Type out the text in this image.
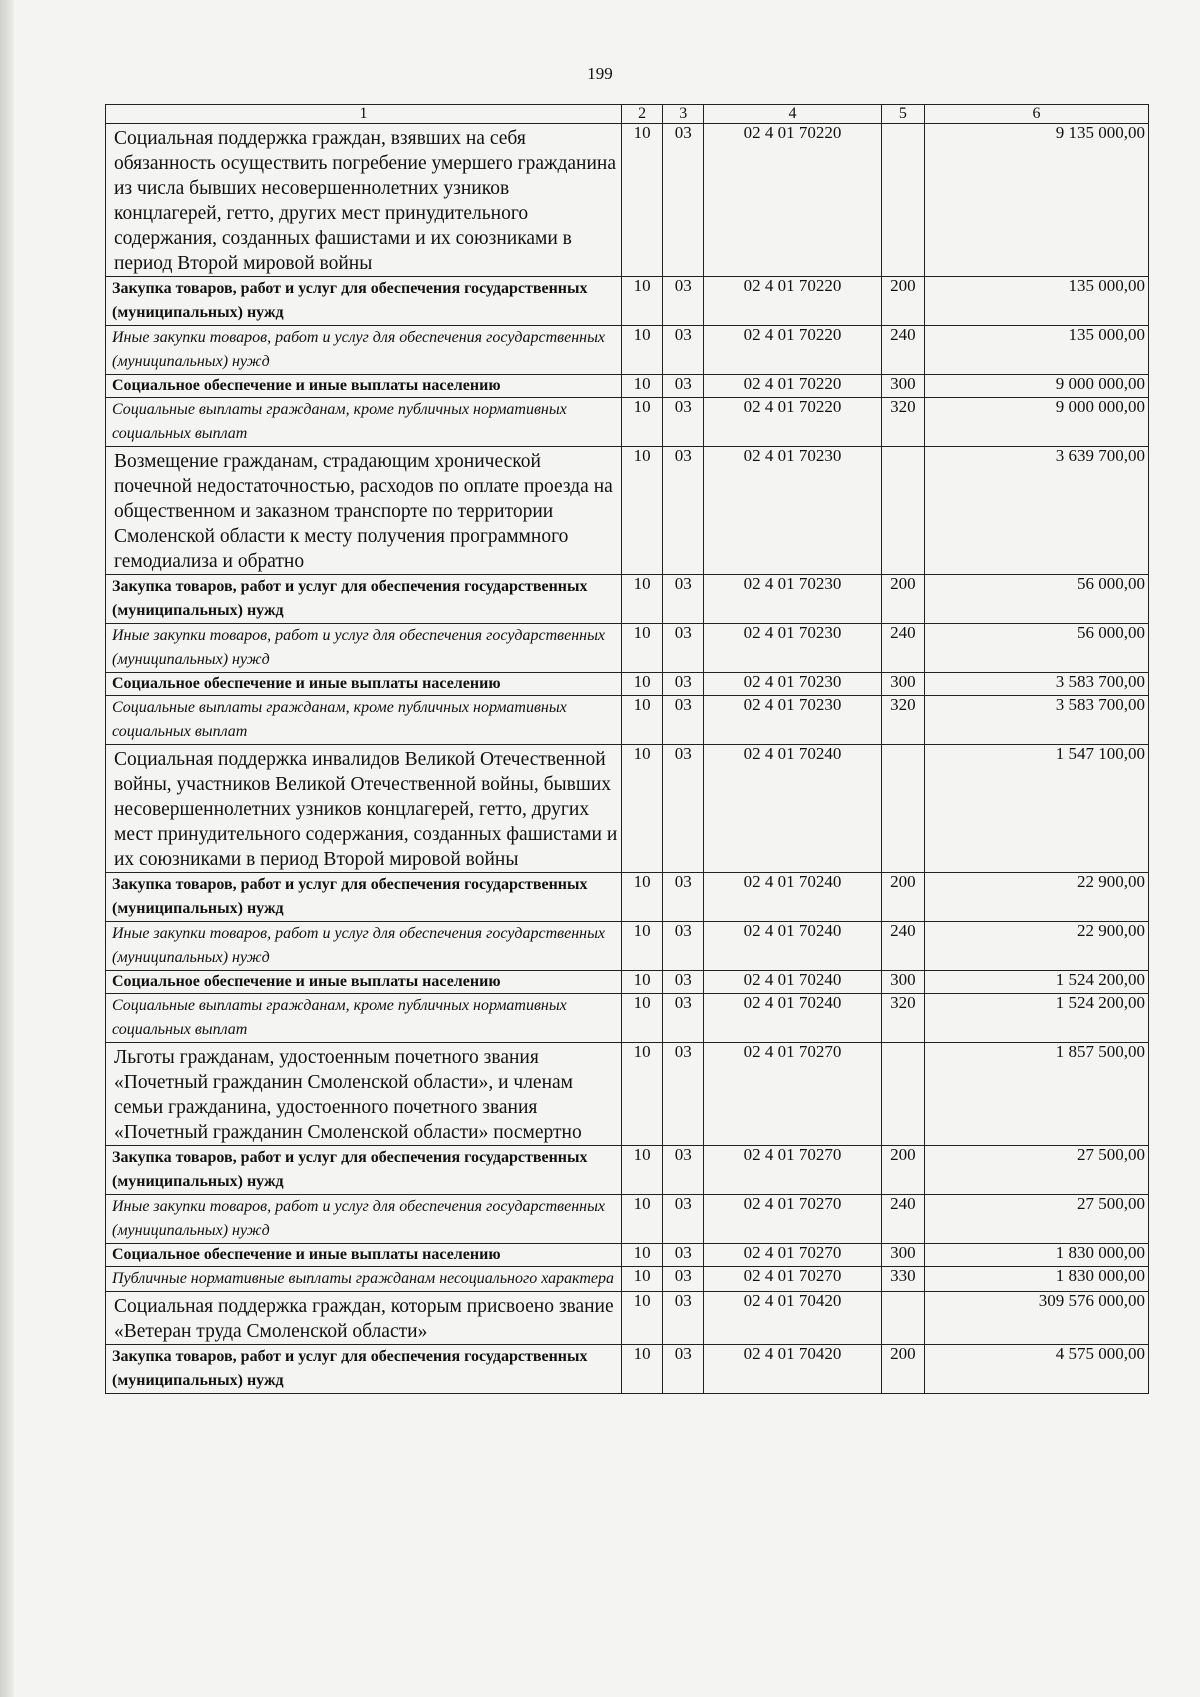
199
1	2	3	4	5	6
Социальная поддержка граждан, взявших на себя обязанность осуществить погребение умершего гражданина из числа бывших несовершеннолетних узников концлагерей, гетто, других мест принудительного содержания, созданных фашистами и их союзниками в период Второй мировой войны	10	03	02 4 01 70220		9 135 000,00
Закупка товаров, работ и услуг для обеспечения государственных (муниципальных) нужд	10	03	02 4 01 70220	200	135 000,00
Иные закупки товаров, работ и услуг для обеспечения государственных (муниципальных) нужд	10	03	02 4 01 70220	240	135 000,00
Социальное обеспечение и иные выплаты населению	10	03	02 4 01 70220	300	9 000 000,00
Социальные выплаты гражданам, кроме публичных нормативных социальных выплат	10	03	02 4 01 70220	320	9 000 000,00
Возмещение гражданам, страдающим хронической почечной недостаточностью, расходов по оплате проезда на общественном и заказном транспорте по территории Смоленской области к месту получения программного гемодиализа и обратно	10	03	02 4 01 70230		3 639 700,00
Закупка товаров, работ и услуг для обеспечения государственных (муниципальных) нужд	10	03	02 4 01 70230	200	56 000,00
Иные закупки товаров, работ и услуг для обеспечения государственных (муниципальных) нужд	10	03	02 4 01 70230	240	56 000,00
Социальное обеспечение и иные выплаты населению	10	03	02 4 01 70230	300	3 583 700,00
Социальные выплаты гражданам, кроме публичных нормативных социальных выплат	10	03	02 4 01 70230	320	3 583 700,00
Социальная поддержка инвалидов Великой Отечественной войны, участников Великой Отечественной войны, бывших несовершеннолетних узников концлагерей, гетто, других мест принудительного содержания, созданных фашистами и их союзниками в период Второй мировой войны	10	03	02 4 01 70240		1 547 100,00
Закупка товаров, работ и услуг для обеспечения государственных (муниципальных) нужд	10	03	02 4 01 70240	200	22 900,00
Иные закупки товаров, работ и услуг для обеспечения государственных (муниципальных) нужд	10	03	02 4 01 70240	240	22 900,00
Социальное обеспечение и иные выплаты населению	10	03	02 4 01 70240	300	1 524 200,00
Социальные выплаты гражданам, кроме публичных нормативных социальных выплат	10	03	02 4 01 70240	320	1 524 200,00
Льготы гражданам, удостоенным почетного звания «Почетный гражданин Смоленской области», и членам семьи гражданина, удостоенного почетного звания «Почетный гражданин Смоленской области» посмертно	10	03	02 4 01 70270		1 857 500,00
Закупка товаров, работ и услуг для обеспечения государственных (муниципальных) нужд	10	03	02 4 01 70270	200	27 500,00
Иные закупки товаров, работ и услуг для обеспечения государственных (муниципальных) нужд	10	03	02 4 01 70270	240	27 500,00
Социальное обеспечение и иные выплаты населению	10	03	02 4 01 70270	300	1 830 000,00
Публичные нормативные выплаты гражданам несоциального характера	10	03	02 4 01 70270	330	1 830 000,00
Социальная поддержка граждан, которым присвоено звание «Ветеран труда Смоленской области»	10	03	02 4 01 70420		309 576 000,00
Закупка товаров, работ и услуг для обеспечения государственных (муниципальных) нужд	10	03	02 4 01 70420	200	4 575 000,00
